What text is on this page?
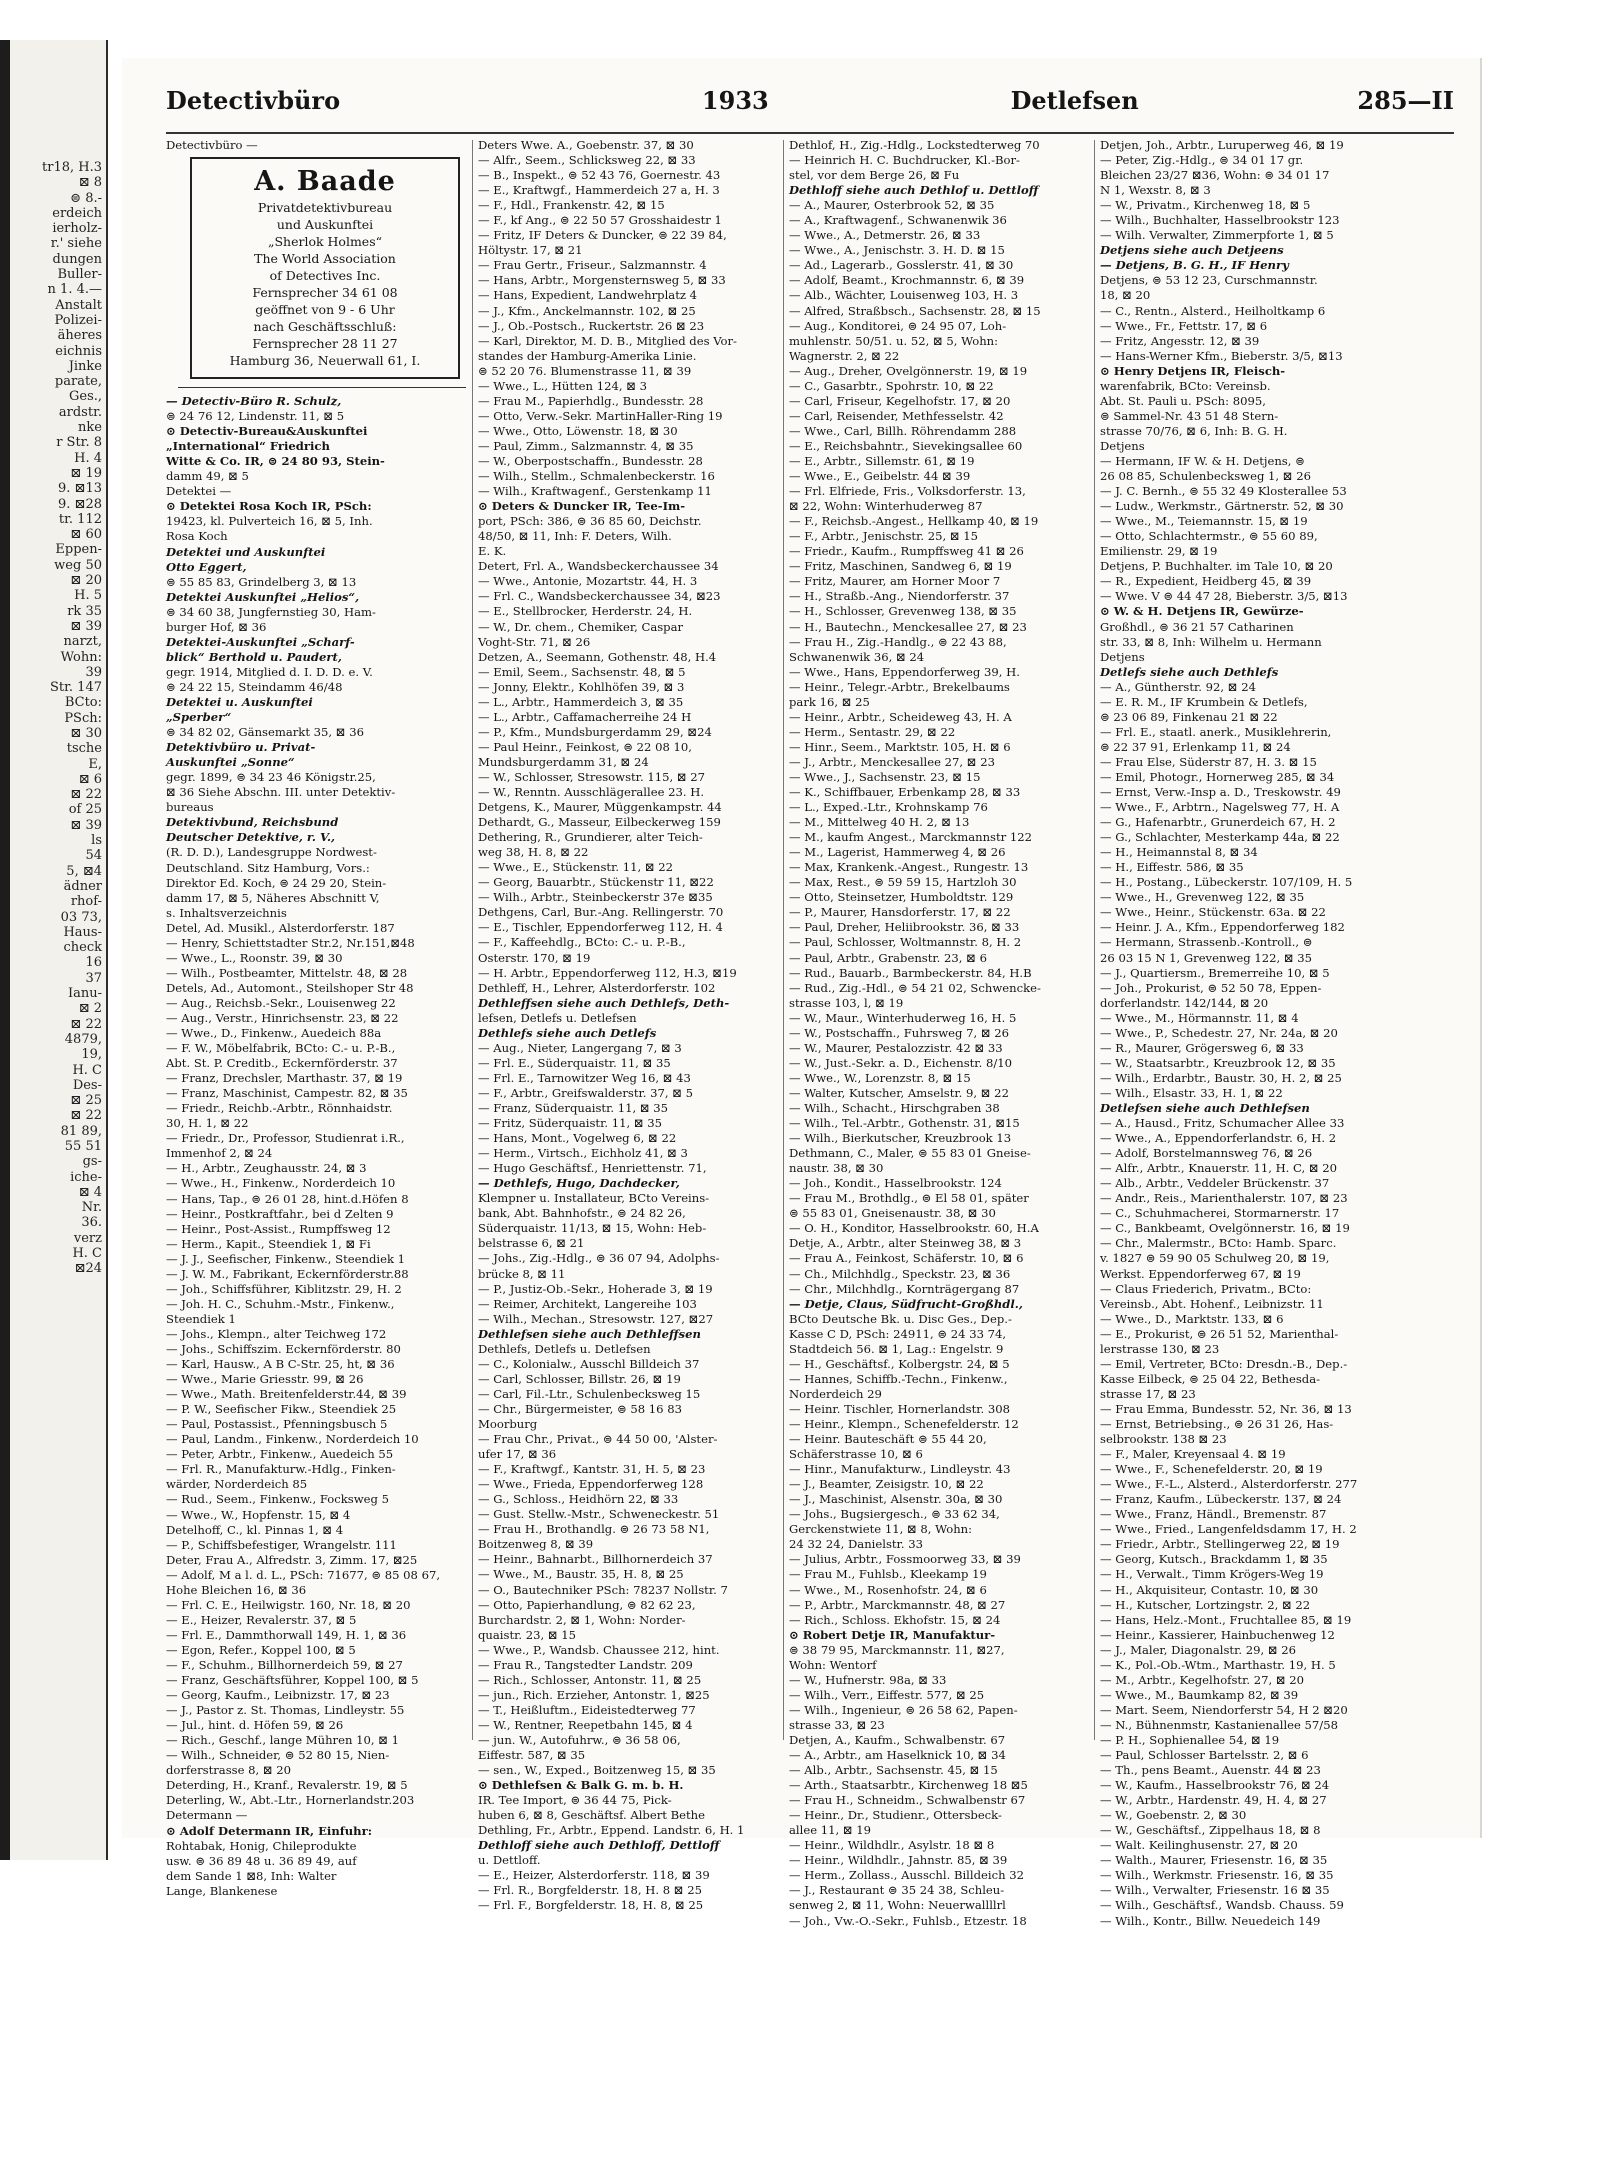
tr18, H.3
⊠ 8
⊜ 8.-
erdeich
ierholz-
r.' siehe
dungen
Buller-
n 1. 4.—
Anstalt
Polizei-
äheres
eichnis
Jinke
parate,
Ges.,
ardstr.
nke
r Str. 8
H. 4
⊠ 19
9. ⊠13
9. ⊠28
tr. 112
⊠ 60
Eppen-
weg 50
⊠ 20
H. 5
rk 35
⊠ 39
narzt,
Wohn:
39
Str. 147
BCto:
PSch:
⊠ 30
tsche
E,
⊠ 6
⊠ 22
of 25
⊠ 39
ls
54
5, ⊠4
ädner
rhof-
03 73,
Haus-
check
16
37
Ianu-
⊠ 2
⊠ 22
4879,
19,
H. C
Des-
⊠ 25
⊠ 22
81 89,
55 51
gs-
iche-
⊠ 4
Nr.
36.
verz
H. C
⊠24
Detectivbüro	1933	Detlefsen	285—II

Detectivbüro —

A. Baade
Privatdetektivbureau
und Auskunftei
„Sherlok Holmes“
The World Association
of Detectives Inc.
Fernsprecher 34 61 08
geöffnet von 9 - 6 Uhr
nach Geschäftsschluß:
Fernsprecher 28 11 27
Hamburg 36, Neuerwall 61, I.

— Detectiv-Büro R. Schulz,

⊜ 24 76 12, Lindenstr. 11, ⊠ 5

⊙ Detectiv-Bureau&Auskunftei

„International“ Friedrich

Witte & Co. IR, ⊜ 24 80 93, Stein-

damm 49, ⊠ 5

Detektei —

⊙ Detektei Rosa Koch IR, PSch:

19423, kl. Pulverteich 16, ⊠ 5, Inh.

Rosa Koch

Detektei und Auskunftei

Otto Eggert,

⊜ 55 85 83, Grindelberg 3, ⊠ 13

Detektei Auskunftei „Helios“,

⊜ 34 60 38, Jungfernstieg 30, Ham-

burger Hof, ⊠ 36

Detektei-Auskunftei „Scharf-

blick“ Berthold u. Paudert,

gegr. 1914, Mitglied d. I. D. D. e. V.

⊜ 24 22 15, Steindamm 46/48

Detektei u. Auskunftei

„Sperber“

⊜ 34 82 02, Gänsemarkt 35, ⊠ 36

Detektivbüro u. Privat-

Auskunftei „Sonne“

gegr. 1899, ⊜ 34 23 46 Königstr.25,

⊠ 36 Siehe Abschn. III. unter Detektiv-

bureaus

Detektivbund, Reichsbund

Deutscher Detektive, r. V.,

(R. D. D.), Landesgruppe Nordwest-

Deutschland. Sitz Hamburg, Vors.:

Direktor Ed. Koch, ⊜ 24 29 20, Stein-

damm 17, ⊠ 5, Näheres Abschnitt V,

s. Inhaltsverzeichnis

Detel, Ad. Musikl., Alsterdorferstr. 187

— Henry, Schiettstadter Str.2, Nr.151,⊠48

— Wwe., L., Roonstr. 39, ⊠ 30

— Wilh., Postbeamter, Mittelstr. 48, ⊠ 28

Detels, Ad., Automont., Steilshoper Str 48

— Aug., Reichsb.-Sekr., Louisenweg 22

— Aug., Verstr., Hinrichsenstr. 23, ⊠ 22

— Wwe., D., Finkenw., Auedeich 88a

— F. W., Möbelfabrik, BCto: C.- u. P.-B.,

Abt. St. P. Creditb., Eckernförderstr. 37

— Franz, Drechsler, Marthastr. 37, ⊠ 19

— Franz, Maschinist, Campestr. 82, ⊠ 35

— Friedr., Reichb.-Arbtr., Rönnhaidstr.

30, H. 1, ⊠ 22

— Friedr., Dr., Professor, Studienrat i.R.,

Immenhof 2, ⊠ 24

— H., Arbtr., Zeughausstr. 24, ⊠ 3

— Wwe., H., Finkenw., Norderdeich 10

— Hans, Tap., ⊜ 26 01 28, hint.d.Höfen 8

— Heinr., Postkraftfahr., bei d Zelten 9

— Heinr., Post-Assist., Rumpffsweg 12

— Herm., Kapit., Steendiek 1, ⊠ Fi

— J. J., Seefischer, Finkenw., Steendiek 1

— J. W. M., Fabrikant, Eckernförderstr.88

— Joh., Schiffsführer, Kiblitzstr. 29, H. 2

— Joh. H. C., Schuhm.-Mstr., Finkenw.,

Steendiek 1

— Johs., Klempn., alter Teichweg 172

— Johs., Schiffszim. Eckernförderstr. 80

— Karl, Hausw., A B C-Str. 25, ht, ⊠ 36

— Wwe., Marie Griesstr. 99, ⊠ 26

— Wwe., Math. Breitenfelderstr.44, ⊠ 39

— P. W., Seefischer Fikw., Steendiek 25

— Paul, Postassist., Pfenningsbusch 5

— Paul, Landm., Finkenw., Norderdeich 10

— Peter, Arbtr., Finkenw., Auedeich 55

— Frl. R., Manufakturw.-Hdlg., Finken-

wärder, Norderdeich 85

— Rud., Seem., Finkenw., Focksweg 5

— Wwe., W., Hopfenstr. 15, ⊠ 4

Detelhoff, C., kl. Pinnas 1, ⊠ 4

— P., Schiffsbefestiger, Wrangelstr. 111

Deter, Frau A., Alfredstr. 3, Zimm. 17, ⊠25

— Adolf, M a l. d. L., PSch: 71677, ⊜ 85 08 67,

Hohe Bleichen 16, ⊠ 36

— Frl. C. E., Heilwigstr. 160, Nr. 18, ⊠ 20

— E., Heizer, Revalerstr. 37, ⊠ 5

— Frl. E., Dammthorwall 149, H. 1, ⊠ 36

— Egon, Refer., Koppel 100, ⊠ 5

— F., Schuhm., Billhornerdeich 59, ⊠ 27

— Franz, Geschäftsführer, Koppel 100, ⊠ 5

— Georg, Kaufm., Leibnizstr. 17, ⊠ 23

— J., Pastor z. St. Thomas, Lindleystr. 55

— Jul., hint. d. Höfen 59, ⊠ 26

— Rich., Geschf., lange Mühren 10, ⊠ 1

— Wilh., Schneider, ⊜ 52 80 15, Nien-

dorferstrasse 8, ⊠ 20

Deterding, H., Kranf., Revalerstr. 19, ⊠ 5

Deterling, W., Abt.-Ltr., Hornerlandstr.203

Determann —

⊙ Adolf Determann IR, Einfuhr:

Rohtabak, Honig, Chileprodukte

usw. ⊜ 36 89 48 u. 36 89 49, auf

dem Sande 1 ⊠8, Inh: Walter

Lange, Blankenese

Deters Wwe. A., Goebenstr. 37, ⊠ 30

— Alfr., Seem., Schlicksweg 22, ⊠ 33

— B., Inspekt., ⊜ 52 43 76, Goernestr. 43

— E., Kraftwgf., Hammerdeich 27 a, H. 3

— F., Hdl., Frankenstr. 42, ⊠ 15

— F., kf Ang., ⊜ 22 50 57 Grosshaidestr 1

— Fritz, IF Deters & Duncker, ⊜ 22 39 84,

Höltystr. 17, ⊠ 21

— Frau Gertr., Friseur., Salzmannstr. 4

— Hans, Arbtr., Morgensternsweg 5, ⊠ 33

— Hans, Expedient, Landwehrplatz 4

— J., Kfm., Anckelmannstr. 102, ⊠ 25

— J., Ob.-Postsch., Ruckertstr. 26 ⊠ 23

— Karl, Direktor, M. D. B., Mitglied des Vor-

standes der Hamburg-Amerika Linie.

⊜ 52 20 76. Blumenstrasse 11, ⊠ 39

— Wwe., L., Hütten 124, ⊠ 3

— Frau M., Papierhdlg., Bundesstr. 28

— Otto, Verw.-Sekr. MartinHaller-Ring 19

— Wwe., Otto, Löwenstr. 18, ⊠ 30

— Paul, Zimm., Salzmannstr. 4, ⊠ 35

— W., Oberpostschaffn., Bundesstr. 28

— Wilh., Stellm., Schmalenbeckerstr. 16

— Wilh., Kraftwagenf., Gerstenkamp 11

⊙ Deters & Duncker IR, Tee-Im-

port, PSch: 386, ⊜ 36 85 60, Deichstr.

48/50, ⊠ 11, Inh: F. Deters, Wilh.

E. K.

Detert, Frl. A., Wandsbeckerchaussee 34

— Wwe., Antonie, Mozartstr. 44, H. 3

— Frl. C., Wandsbeckerchaussee 34, ⊠23

— E., Stellbrocker, Herderstr. 24, H.

— W., Dr. chem., Chemiker, Caspar

Voght-Str. 71, ⊠ 26

Detzen, A., Seemann, Gothenstr. 48, H.4

— Emil, Seem., Sachsenstr. 48, ⊠ 5

— Jonny, Elektr., Kohlhöfen 39, ⊠ 3

— L., Arbtr., Hammerdeich 3, ⊠ 35

— L., Arbtr., Caffamacherreihe 24 H

— P., Kfm., Mundsburgerdamm 29, ⊠24

— Paul Heinr., Feinkost, ⊜ 22 08 10,

Mundsburgerdamm 31, ⊠ 24

— W., Schlosser, Stresowstr. 115, ⊠ 27

— W., Renntn. Ausschlägerallee 23. H.

Detgens, K., Maurer, Müggenkampstr. 44

Dethardt, G., Masseur, Eilbeckerweg 159

Dethering, R., Grundierer, alter Teich-

weg 38, H. 8, ⊠ 22

— Wwe., E., Stückenstr. 11, ⊠ 22

— Georg, Bauarbtr., Stückenstr 11, ⊠22

— Wilh., Arbtr., Steinbeckerstr 37e ⊠35

Dethgens, Carl, Bur.-Ang. Rellingerstr. 70

— E., Tischler, Eppendorferweg 112, H. 4

— F., Kaffeehdlg., BCto: C.- u. P.-B.,

Osterstr. 170, ⊠ 19

— H. Arbtr., Eppendorferweg 112, H.3, ⊠19

Dethleff, H., Lehrer, Alsterdorferstr. 102

Dethleffsen siehe auch Dethlefs, Deth-

lefsen, Detlefs u. Detlefsen

Dethlefs siehe auch Detlefs

— Aug., Nieter, Langergang 7, ⊠ 3

— Frl. E., Süderquaistr. 11, ⊠ 35

— Frl. E., Tarnowitzer Weg 16, ⊠ 43

— F., Arbtr., Greifswalderstr. 37, ⊠ 5

— Franz, Süderquaistr. 11, ⊠ 35

— Fritz, Süderquaistr. 11, ⊠ 35

— Hans, Mont., Vogelweg 6, ⊠ 22

— Herm., Virtsch., Eichholz 41, ⊠ 3

— Hugo Geschäftsf., Henriettenstr. 71,

— Dethlefs, Hugo, Dachdecker,

Klempner u. Installateur, BCto Vereins-

bank, Abt. Bahnhofstr., ⊜ 24 82 26,

Süderquaistr. 11/13, ⊠ 15, Wohn: Heb-

belstrasse 6, ⊠ 21

— Johs., Zig.-Hdlg., ⊜ 36 07 94, Adolphs-

brücke 8, ⊠ 11

— P., Justiz-Ob.-Sekr., Hoherade 3, ⊠ 19

— Reimer, Architekt, Langereihe 103

— Wilh., Mechan., Stresowstr. 127, ⊠27

Dethlefsen siehe auch Dethleffsen

Dethlefs, Detlefs u. Detlefsen

— C., Kolonialw., Ausschl Billdeich 37

— Carl, Schlosser, Billstr. 26, ⊠ 19

— Carl, Fil.-Ltr., Schulenbecksweg 15

— Chr., Bürgermeister, ⊜ 58 16 83

Moorburg

— Frau Chr., Privat., ⊜ 44 50 00, 'Alster-

ufer 17, ⊠ 36

— F., Kraftwgf., Kantstr. 31, H. 5, ⊠ 23

— Wwe., Frieda, Eppendorferweg 128

— G., Schloss., Heidhörn 22, ⊠ 33

— Gust. Stellw.-Mstr., Schweneckestr. 51

— Frau H., Brothandlg. ⊜ 26 73 58 N1,

Boitzenweg 8, ⊠ 39

— Heinr., Bahnarbt., Billhornerdeich 37

— Wwe., M., Baustr. 35, H. 8, ⊠ 25

— O., Bautechniker PSch: 78237 Nollstr. 7

— Otto, Papierhandlung, ⊜ 82 62 23,

Burchardstr. 2, ⊠ 1, Wohn: Norder-

quaistr. 23, ⊠ 15

— Wwe., P., Wandsb. Chaussee 212, hint.

— Frau R., Tangstedter Landstr. 209

— Rich., Schlosser, Antonstr. 11, ⊠ 25

— jun., Rich. Erzieher, Antonstr. 1, ⊠25

— T., Heißluftm., Eideistedterweg 77

— W., Rentner, Reepetbahn 145, ⊠ 4

— jun. W., Autofuhrw., ⊜ 36 58 06,

Eiffestr. 587, ⊠ 35

— sen., W., Exped., Boitzenweg 15, ⊠ 35

⊙ Dethlefsen & Balk G. m. b. H.

IR. Tee Import, ⊜ 36 44 75, Pick-

huben 6, ⊠ 8, Geschäftsf. Albert Bethe

Dethling, Fr., Arbtr., Eppend. Landstr. 6, H. 1

Dethloff siehe auch Dethloff, Dettloff

u. Dettloff.

— E., Heizer, Alsterdorferstr. 118, ⊠ 39

— Frl. R., Borgfelderstr. 18, H. 8 ⊠ 25

— Frl. F., Borgfelderstr. 18, H. 8, ⊠ 25

Dethlof, H., Zig.-Hdlg., Lockstedterweg 70

— Heinrich H. C. Buchdrucker, Kl.-Bor-

stel, vor dem Berge 26, ⊠ Fu

Dethloff siehe auch Dethlof u. Dettloff

— A., Maurer, Osterbrook 52, ⊠ 35

— A., Kraftwagenf., Schwanenwik 36

— Wwe., A., Detmerstr. 26, ⊠ 33

— Wwe., A., Jenischstr. 3. H. D. ⊠ 15

— Ad., Lagerarb., Gosslerstr. 41, ⊠ 30

— Adolf, Beamt., Krochmannstr. 6, ⊠ 39

— Alb., Wächter, Louisenweg 103, H. 3

— Alfred, Straßbsch., Sachsenstr. 28, ⊠ 15

— Aug., Konditorei, ⊜ 24 95 07, Loh-

muhlenstr. 50/51. u. 52, ⊠ 5, Wohn:

Wagnerstr. 2, ⊠ 22

— Aug., Dreher, Ovelgönnerstr. 19, ⊠ 19

— C., Gasarbtr., Spohrstr. 10, ⊠ 22

— Carl, Friseur, Kegelhofstr. 17, ⊠ 20

— Carl, Reisender, Methfesselstr. 42

— Wwe., Carl, Billh. Röhrendamm 288

— E., Reichsbahntr., Sievekingsallee 60

— E., Arbtr., Sillemstr. 61, ⊠ 19

— Wwe., E., Geibelstr. 44 ⊠ 39

— Frl. Elfriede, Fris., Volksdorferstr. 13,

⊠ 22, Wohn: Winterhuderweg 87

— F., Reichsb.-Angest., Hellkamp 40, ⊠ 19

— F., Arbtr., Jenischstr. 25, ⊠ 15

— Friedr., Kaufm., Rumpffsweg 41 ⊠ 26

— Fritz, Maschinen, Sandweg 6, ⊠ 19

— Fritz, Maurer, am Horner Moor 7

— H., Straßb.-Ang., Niendorferstr. 37

— H., Schlosser, Grevenweg 138, ⊠ 35

— H., Bautechn., Menckesallee 27, ⊠ 23

— Frau H., Zig.-Handlg., ⊜ 22 43 88,

Schwanenwik 36, ⊠ 24

— Wwe., Hans, Eppendorferweg 39, H.

— Heinr., Telegr.-Arbtr., Brekelbaums

park 16, ⊠ 25

— Heinr., Arbtr., Scheideweg 43, H. A

— Herm., Sentastr. 29, ⊠ 22

— Hinr., Seem., Marktstr. 105, H. ⊠ 6

— J., Arbtr., Menckesallee 27, ⊠ 23

— Wwe., J., Sachsenstr. 23, ⊠ 15

— K., Schiffbauer, Erbenkamp 28, ⊠ 33

— L., Exped.-Ltr., Krohnskamp 76

— M., Mittelweg 40 H. 2, ⊠ 13

— M., kaufm Angest., Marckmannstr 122

— M., Lagerist, Hammerweg 4, ⊠ 26

— Max, Krankenk.-Angest., Rungestr. 13

— Max, Rest., ⊜ 59 59 15, Hartzloh 30

— Otto, Steinsetzer, Humboldtstr. 129

— P., Maurer, Hansdorferstr. 17, ⊠ 22

— Paul, Dreher, Heliibrookstr. 36, ⊠ 33

— Paul, Schlosser, Woltmannstr. 8, H. 2

— Paul, Arbtr., Grabenstr. 23, ⊠ 6

— Rud., Bauarb., Barmbeckerstr. 84, H.B

— Rud., Zig.-Hdl., ⊜ 54 21 02, Schwencke-

strasse 103, l, ⊠ 19

— W., Maur., Winterhuderweg 16, H. 5

— W., Postschaffn., Fuhrsweg 7, ⊠ 26

— W., Maurer, Pestalozzistr. 42 ⊠ 33

— W., Just.-Sekr. a. D., Eichenstr. 8/10

— Wwe., W., Lorenzstr. 8, ⊠ 15

— Walter, Kutscher, Amselstr. 9, ⊠ 22

— Wilh., Schacht., Hirschgraben 38

— Wilh., Tel.-Arbtr., Gothenstr. 31, ⊠15

— Wilh., Bierkutscher, Kreuzbrook 13

Dethmann, C., Maler, ⊜ 55 83 01 Gneise-

naustr. 38, ⊠ 30

— Joh., Kondit., Hasselbrookstr. 124

— Frau M., Brothdlg., ⊜ El 58 01, später

⊜ 55 83 01, Gneisenaustr. 38, ⊠ 30

— O. H., Konditor, Hasselbrookstr. 60, H.A

Detje, A., Arbtr., alter Steinweg 38, ⊠ 3

— Frau A., Feinkost, Schäferstr. 10, ⊠ 6

— Ch., Milchhdlg., Speckstr. 23, ⊠ 36

— Chr., Milchhdlg., Kornträgergang 87

— Detje, Claus, Südfrucht-Großhdl.,

BCto Deutsche Bk. u. Disc Ges., Dep.-

Kasse C D, PSch: 24911, ⊜ 24 33 74,

Stadtdeich 56. ⊠ 1, Lag.: Engelstr. 9

— H., Geschäftsf., Kolbergstr. 24, ⊠ 5

— Hannes, Schiffb.-Techn., Finkenw.,

Norderdeich 29

— Heinr. Tischler, Hornerlandstr. 308

— Heinr., Klempn., Schenefelderstr. 12

— Heinr. Bauteschäft ⊜ 55 44 20,

Schäferstrasse 10, ⊠ 6

— Hinr., Manufakturw., Lindleystr. 43

— J., Beamter, Zeisigstr. 10, ⊠ 22

— J., Maschinist, Alsenstr. 30a, ⊠ 30

— Johs., Bugsiergesch., ⊜ 33 62 34,

Gerckenstwiete 11, ⊠ 8, Wohn:

24 32 24, Danielstr. 33

— Julius, Arbtr., Fossmoorweg 33, ⊠ 39

— Frau M., Fuhlsb., Kleekamp 19

— Wwe., M., Rosenhofstr. 24, ⊠ 6

— P., Arbtr., Marckmannstr. 48, ⊠ 27

— Rich., Schloss. Ekhofstr. 15, ⊠ 24

⊙ Robert Detje IR, Manufaktur-

⊜ 38 79 95, Marckmannstr. 11, ⊠27,

Wohn: Wentorf

— W., Hufnerstr. 98a, ⊠ 33

— Wilh., Verr., Eiffestr. 577, ⊠ 25

— Wilh., Ingenieur, ⊜ 26 58 62, Papen-

strasse 33, ⊠ 23

Detjen, A., Kaufm., Schwalbenstr. 67

— A., Arbtr., am Haselknick 10, ⊠ 34

— Alb., Arbtr., Sachsenstr. 45, ⊠ 15

— Arth., Staatsarbtr., Kirchenweg 18 ⊠5

— Frau H., Schneidm., Schwalbenstr 67

— Heinr., Dr., Studienr., Ottersbeck-

allee 11, ⊠ 19

— Heinr., Wildhdlr., Asylstr. 18 ⊠ 8

— Heinr., Wildhdlr., Jahnstr. 85, ⊠ 39

— Herm., Zollass., Ausschl. Billdeich 32

— J., Restaurant ⊜ 35 24 38, Schleu-

senweg 2, ⊠ 11, Wohn: Neuerwallllrl

— Joh., Vw.-O.-Sekr., Fuhlsb., Etzestr. 18

Detjen, Joh., Arbtr., Luruperweg 46, ⊠ 19

— Peter, Zig.-Hdlg., ⊜ 34 01 17 gr.

Bleichen 23/27 ⊠36, Wohn: ⊜ 34 01 17

N 1, Wexstr. 8, ⊠ 3

— W., Privatm., Kirchenweg 18, ⊠ 5

— Wilh., Buchhalter, Hasselbrookstr 123

— Wilh. Verwalter, Zimmerpforte 1, ⊠ 5

Detjens siehe auch Detjeens

— Detjens, B. G. H., IF Henry

Detjens, ⊜ 53 12 23, Curschmannstr.

18, ⊠ 20

— C., Rentn., Alsterd., Heilholtkamp 6

— Wwe., Fr., Fettstr. 17, ⊠ 6

— Fritz, Angesstr. 12, ⊠ 39

— Hans-Werner Kfm., Bieberstr. 3/5, ⊠13

⊙ Henry Detjens IR, Fleisch-

warenfabrik, BCto: Vereinsb.

Abt. St. Pauli u. PSch: 8095,

⊜ Sammel-Nr. 43 51 48 Stern-

strasse 70/76, ⊠ 6, Inh: B. G. H.

Detjens

— Hermann, IF W. & H. Detjens, ⊜

26 08 85, Schulenbecksweg 1, ⊠ 26

— J. C. Bernh., ⊜ 55 32 49 Klosterallee 53

— Ludw., Werkmstr., Gärtnerstr. 52, ⊠ 30

— Wwe., M., Teiemannstr. 15, ⊠ 19

— Otto, Schlachtermstr., ⊜ 55 60 89,

Emilienstr. 29, ⊠ 19

Detjens, P. Buchhalter. im Tale 10, ⊠ 20

— R., Expedient, Heidberg 45, ⊠ 39

— Wwe. V ⊜ 44 47 28, Bieberstr. 3/5, ⊠13

⊙ W. & H. Detjens IR, Gewürze-

Großhdl., ⊜ 36 21 57 Catharinen

str. 33, ⊠ 8, Inh: Wilhelm u. Hermann

Detjens

Detlefs siehe auch Dethlefs

— A., Güntherstr. 92, ⊠ 24

— E. R. M., IF Krumbein & Detlefs,

⊜ 23 06 89, Finkenau 21 ⊠ 22

— Frl. E., staatl. anerk., Musiklehrerin,

⊜ 22 37 91, Erlenkamp 11, ⊠ 24

— Frau Else, Süderstr 87, H. 3. ⊠ 15

— Emil, Photogr., Hornerweg 285, ⊠ 34

— Ernst, Verw.-Insp a. D., Treskowstr. 49

— Wwe., F., Arbtrn., Nagelsweg 77, H. A

— G., Hafenarbtr., Grunerdeich 67, H. 2

— G., Schlachter, Mesterkamp 44a, ⊠ 22

— H., Heimannstal 8, ⊠ 34

— H., Eiffestr. 586, ⊠ 35

— H., Postang., Lübeckerstr. 107/109, H. 5

— Wwe., H., Grevenweg 122, ⊠ 35

— Wwe., Heinr., Stückenstr. 63a. ⊠ 22

— Heinr. J. A., Kfm., Eppendorferweg 182

— Hermann, Strassenb.-Kontroll., ⊜

26 03 15 N 1, Grevenweg 122, ⊠ 35

— J., Quartiersm., Bremerreihe 10, ⊠ 5

— Joh., Prokurist, ⊜ 52 50 78, Eppen-

dorferlandstr. 142/144, ⊠ 20

— Wwe., M., Hörmannstr. 11, ⊠ 4

— Wwe., P., Schedestr. 27, Nr. 24a, ⊠ 20

— R., Maurer, Grögersweg 6, ⊠ 33

— W., Staatsarbtr., Kreuzbrook 12, ⊠ 35

— Wilh., Erdarbtr., Baustr. 30, H. 2, ⊠ 25

— Wilh., Elsastr. 33, H. 1, ⊠ 22

Detlefsen siehe auch Dethlefsen

— A., Hausd., Fritz, Schumacher Allee 33

— Wwe., A., Eppendorferlandstr. 6, H. 2

— Adolf, Borstelmannsweg 76, ⊠ 26

— Alfr., Arbtr., Knauerstr. 11, H. C, ⊠ 20

— Alb., Arbtr., Veddeler Brückenstr. 37

— Andr., Reis., Marienthalerstr. 107, ⊠ 23

— C., Schuhmacherei, Stormarnerstr. 17

— C., Bankbeamt, Ovelgönnerstr. 16, ⊠ 19

— Chr., Malermstr., BCto: Hamb. Sparc.

v. 1827 ⊜ 59 90 05 Schulweg 20, ⊠ 19,

Werkst. Eppendorferweg 67, ⊠ 19

— Claus Friederich, Privatm., BCto:

Vereinsb., Abt. Hohenf., Leibnizstr. 11

— Wwe., D., Marktstr. 133, ⊠ 6

— E., Prokurist, ⊜ 26 51 52, Marienthal-

lerstrasse 130, ⊠ 23

— Emil, Vertreter, BCto: Dresdn.-B., Dep.-

Kasse Eilbeck, ⊜ 25 04 22, Bethesda-

strasse 17, ⊠ 23

— Frau Emma, Bundesstr. 52, Nr. 36, ⊠ 13

— Ernst, Betriebsing., ⊜ 26 31 26, Has-

selbrookstr. 138 ⊠ 23

— F., Maler, Kreyensaal 4. ⊠ 19

— Wwe., F., Schenefelderstr. 20, ⊠ 19

— Wwe., F.-L., Alsterd., Alsterdorferstr. 277

— Franz, Kaufm., Lübeckerstr. 137, ⊠ 24

— Wwe., Franz, Händl., Bremenstr. 87

— Wwe., Fried., Langenfeldsdamm 17, H. 2

— Friedr., Arbtr., Stellingerweg 22, ⊠ 19

— Georg, Kutsch., Brackdamm 1, ⊠ 35

— H., Verwalt., Timm Krögers-Weg 19

— H., Akquisiteur, Contastr. 10, ⊠ 30

— H., Kutscher, Lortzingstr. 2, ⊠ 22

— Hans, Helz.-Mont., Fruchtallee 85, ⊠ 19

— Heinr., Kassierer, Hainbuchenweg 12

— J., Maler, Diagonalstr. 29, ⊠ 26

— K., Pol.-Ob.-Wtm., Marthastr. 19, H. 5

— M., Arbtr., Kegelhofstr. 27, ⊠ 20

— Wwe., M., Baumkamp 82, ⊠ 39

— Mart. Seem, Niendorferstr 54, H 2 ⊠20

— N., Bühnenmstr, Kastanienallee 57/58

— P. H., Sophienallee 54, ⊠ 19

— Paul, Schlosser Bartelsstr. 2, ⊠ 6

— Th., pens Beamt., Auenstr. 44 ⊠ 23

— W., Kaufm., Hasselbrookstr 76, ⊠ 24

— W., Arbtr., Hardenstr. 49, H. 4, ⊠ 27

— W., Goebenstr. 2, ⊠ 30

— W., Geschäftsf., Zippelhaus 18, ⊠ 8

— Walt. Keilinghusenstr. 27, ⊠ 20

— Walth., Maurer, Friesenstr. 16, ⊠ 35

— Wilh., Werkmstr. Friesenstr. 16, ⊠ 35

— Wilh., Verwalter, Friesenstr. 16 ⊠ 35

— Wilh., Geschäftsf., Wandsb. Chauss. 59

— Wilh., Kontr., Billw. Neuedeich 149
